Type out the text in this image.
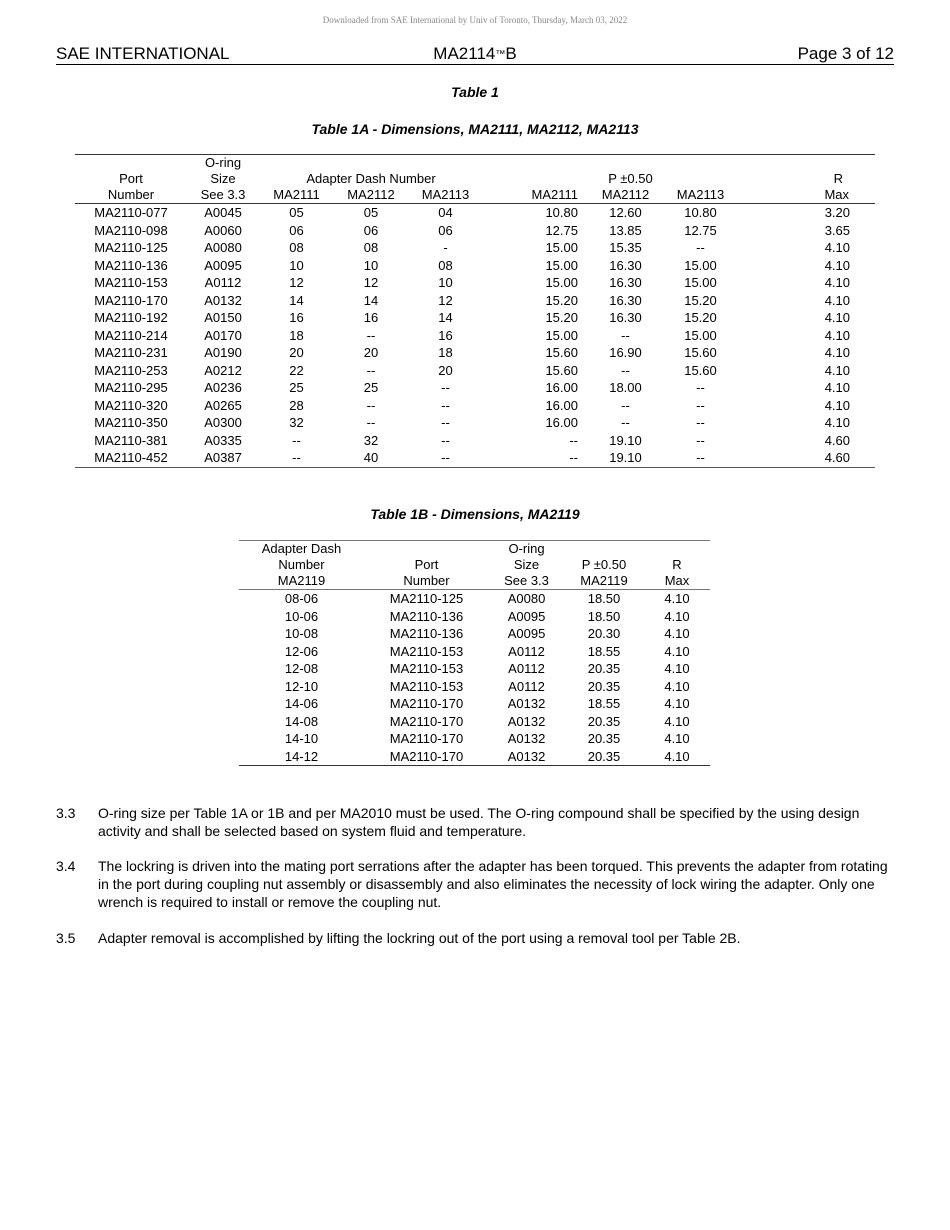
Downloaded from SAE International by Univ of Toronto, Thursday, March 03, 2022
SAE INTERNATIONAL	MA2114™B	Page 3 of 12
Table 1
Table 1A - Dimensions, MA2111, MA2112, MA2113
	O-ring							
Port	Size	Adapter Dash Number			P ±0.50			R
Number	See 3.3	MA2111	MA2112	MA2113	MA2111	MA2112	MA2113	Max
MA2110-077	A0045	05	05	04	10.80	12.60	10.80	3.20
MA2110-098	A0060	06	06	06	12.75	13.85	12.75	3.65
MA2110-125	A0080	08	08	-	15.00	15.35	--	4.10
MA2110-136	A0095	10	10	08	15.00	16.30	15.00	4.10
MA2110-153	A0112	12	12	10	15.00	16.30	15.00	4.10
MA2110-170	A0132	14	14	12	15.20	16.30	15.20	4.10
MA2110-192	A0150	16	16	14	15.20	16.30	15.20	4.10
MA2110-214	A0170	18	--	16	15.00	--	15.00	4.10
MA2110-231	A0190	20	20	18	15.60	16.90	15.60	4.10
MA2110-253	A0212	22	--	20	15.60	--	15.60	4.10
MA2110-295	A0236	25	25	--	16.00	18.00	--	4.10
MA2110-320	A0265	28	--	--	16.00	--	--	4.10
MA2110-350	A0300	32	--	--	16.00	--	--	4.10
MA2110-381	A0335	--	32	--	--	19.10	--	4.60
MA2110-452	A0387	--	40	--	--	19.10	--	4.60
Table 1B - Dimensions, MA2119
Adapter Dash		O-ring		
Number	Port	Size	P ±0.50	R
MA2119	Number	See 3.3	MA2119	Max
08-06	MA2110-125	A0080	18.50	4.10
10-06	MA2110-136	A0095	18.50	4.10
10-08	MA2110-136	A0095	20.30	4.10
12-06	MA2110-153	A0112	18.55	4.10
12-08	MA2110-153	A0112	20.35	4.10
12-10	MA2110-153	A0112	20.35	4.10
14-06	MA2110-170	A0132	18.55	4.10
14-08	MA2110-170	A0132	20.35	4.10
14-10	MA2110-170	A0132	20.35	4.10
14-12	MA2110-170	A0132	20.35	4.10
3.3 O-ring size per Table 1A or 1B and per MA2010 must be used. The O-ring compound shall be specified by the using design activity and shall be selected based on system fluid and temperature.
3.4 The lockring is driven into the mating port serrations after the adapter has been torqued. This prevents the adapter from rotating in the port during coupling nut assembly or disassembly and also eliminates the necessity of lock wiring the adapter. Only one wrench is required to install or remove the coupling nut.
3.5 Adapter removal is accomplished by lifting the lockring out of the port using a removal tool per Table 2B.
